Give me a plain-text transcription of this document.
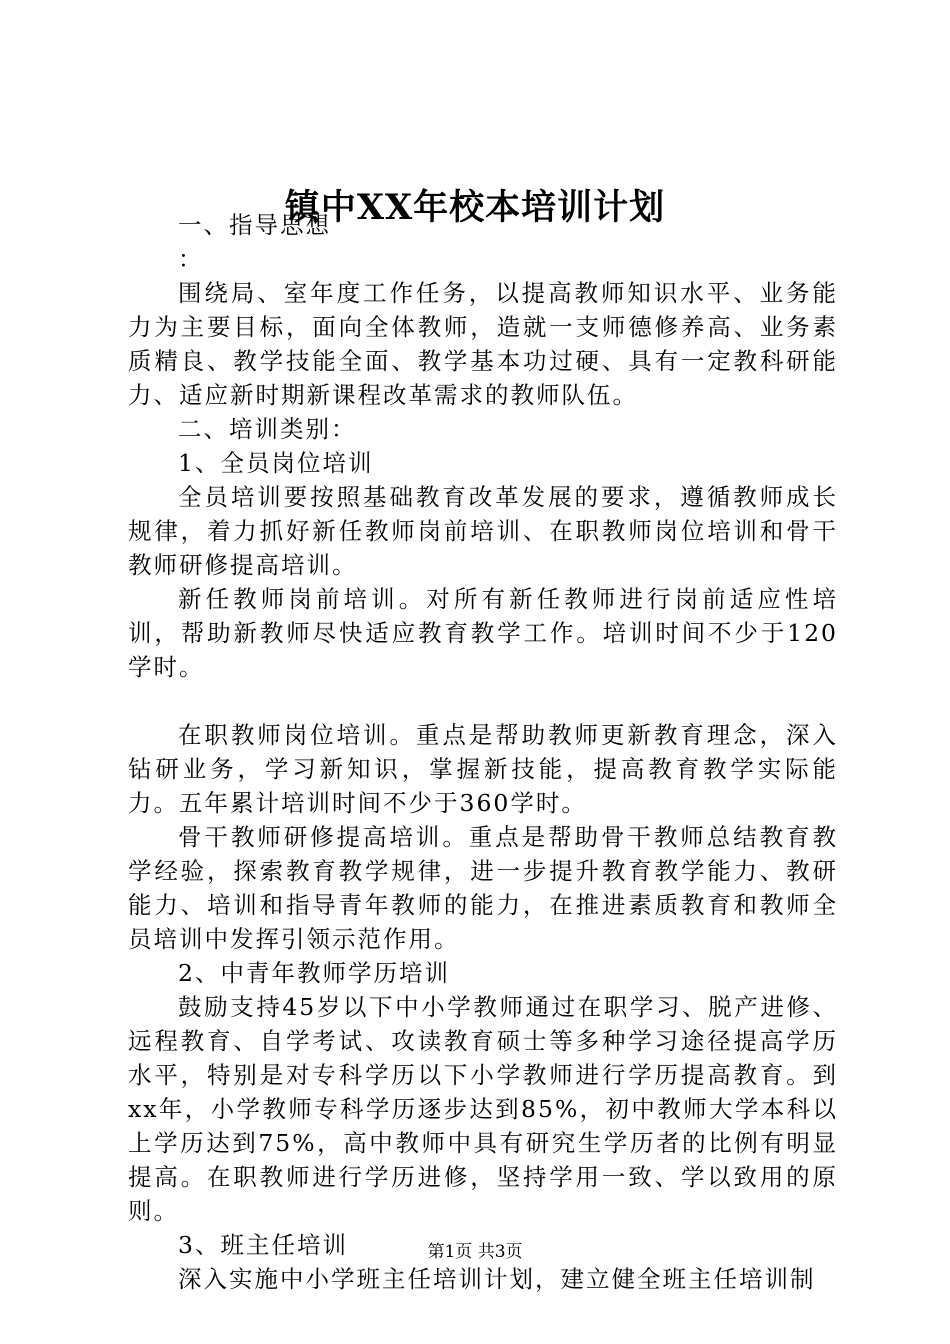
镇中XX年校本培训计划

一、指导思想

：

围绕局、室年度工作任务，以提高教师知识水平、业务能力为主要目标，面向全体教师，造就一支师德修养高、业务素质精良、教学技能全面、教学基本功过硬、具有一定教科研能力、适应新时期新课程改革需求的教师队伍。

二、培训类别：

1、全员岗位培训

全员培训要按照基础教育改革发展的要求，遵循教师成长规律，着力抓好新任教师岗前培训、在职教师岗位培训和骨干教师研修提高培训。

新任教师岗前培训。对所有新任教师进行岗前适应性培训，帮助新教师尽快适应教育教学工作。培训时间不少于120学时。

在职教师岗位培训。重点是帮助教师更新教育理念，深入钻研业务，学习新知识，掌握新技能，提高教育教学实际能力。五年累计培训时间不少于360学时。

骨干教师研修提高培训。重点是帮助骨干教师总结教育教学经验，探索教育教学规律，进一步提升教育教学能力、教研能力、培训和指导青年教师的能力，在推进素质教育和教师全员培训中发挥引领示范作用。

2、中青年教师学历培训

鼓励支持45岁以下中小学教师通过在职学习、脱产进修、远程教育、自学考试、攻读教育硕士等多种学习途径提高学历水平，特别是对专科学历以下小学教师进行学历提高教育。到xx年，小学教师专科学历逐步达到85%，初中教师大学本科以上学历达到75%，高中教师中具有研究生学历者的比例有明显提高。在职教师进行学历进修，坚持学用一致、学以致用的原则。

3、班主任培训

深入实施中小学班主任培训计划，建立健全班主任培训制

第1页 共3页
